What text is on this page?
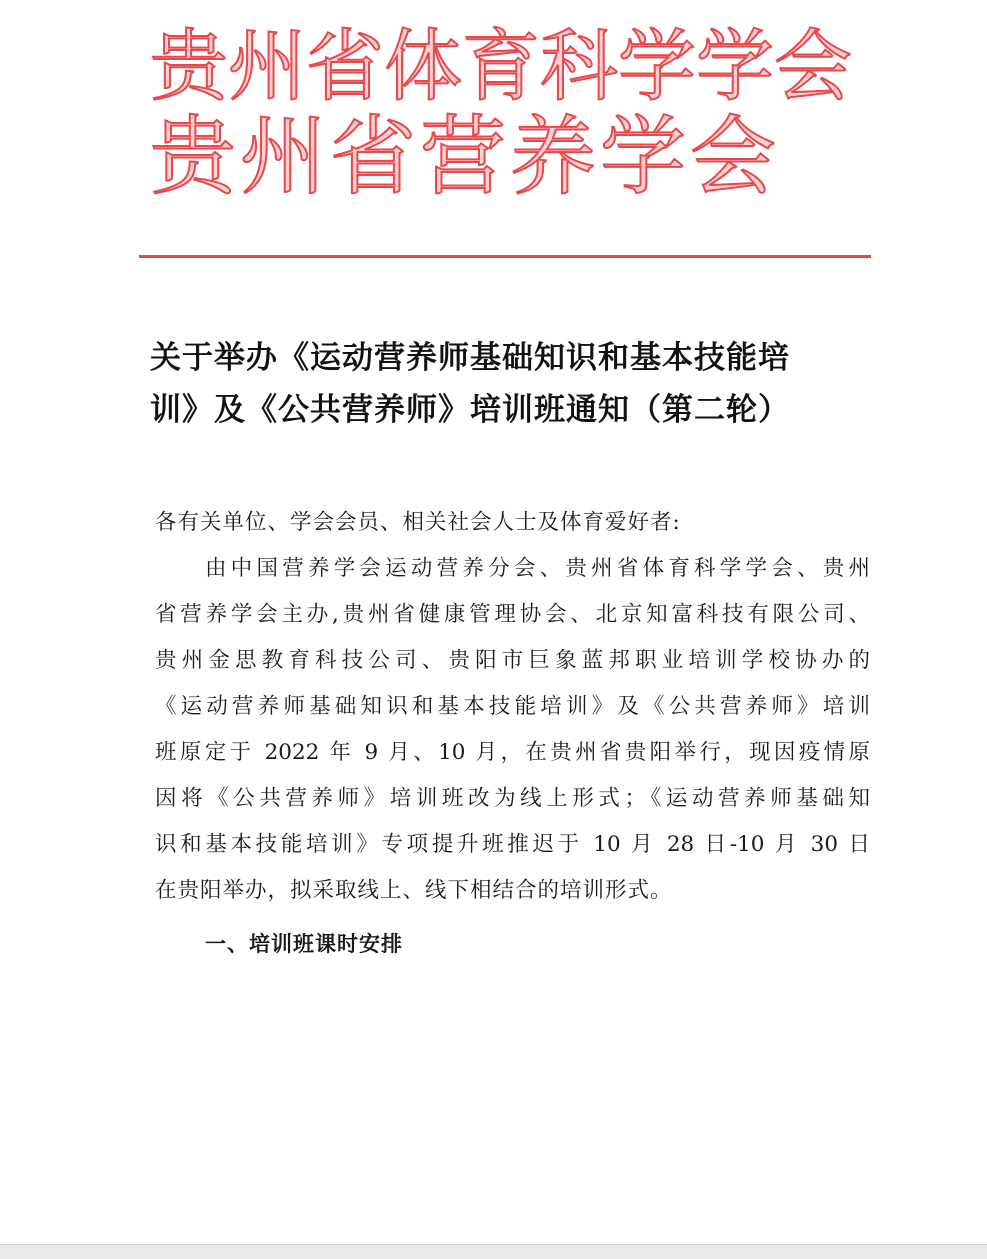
贵州省体育科学学会
贵州省营养学会
关于举办《运动营养师基础知识和基本技能培
训》及《公共营养师》培训班通知（第二轮）
各有关单位、学会会员、相关社会人士及体育爱好者:
由中国营养学会运动营养分会、贵州省体育科学学会、贵州
省营养学会主办,贵州省健康管理协会、北京知富科技有限公司、
贵州金思教育科技公司、贵阳市巨象蓝邦职业培训学校协办的
《运动营养师基础知识和基本技能培训》及《公共营养师》培训
班原定于 2022 年 9 月、10 月，在贵州省贵阳举行，现因疫情原
因将《公共营养师》培训班改为线上形式；《运动营养师基础知
识和基本技能培训》专项提升班推迟于 10 月 28 日-10 月 30 日
在贵阳举办，拟采取线上、线下相结合的培训形式。
一、培训班课时安排
